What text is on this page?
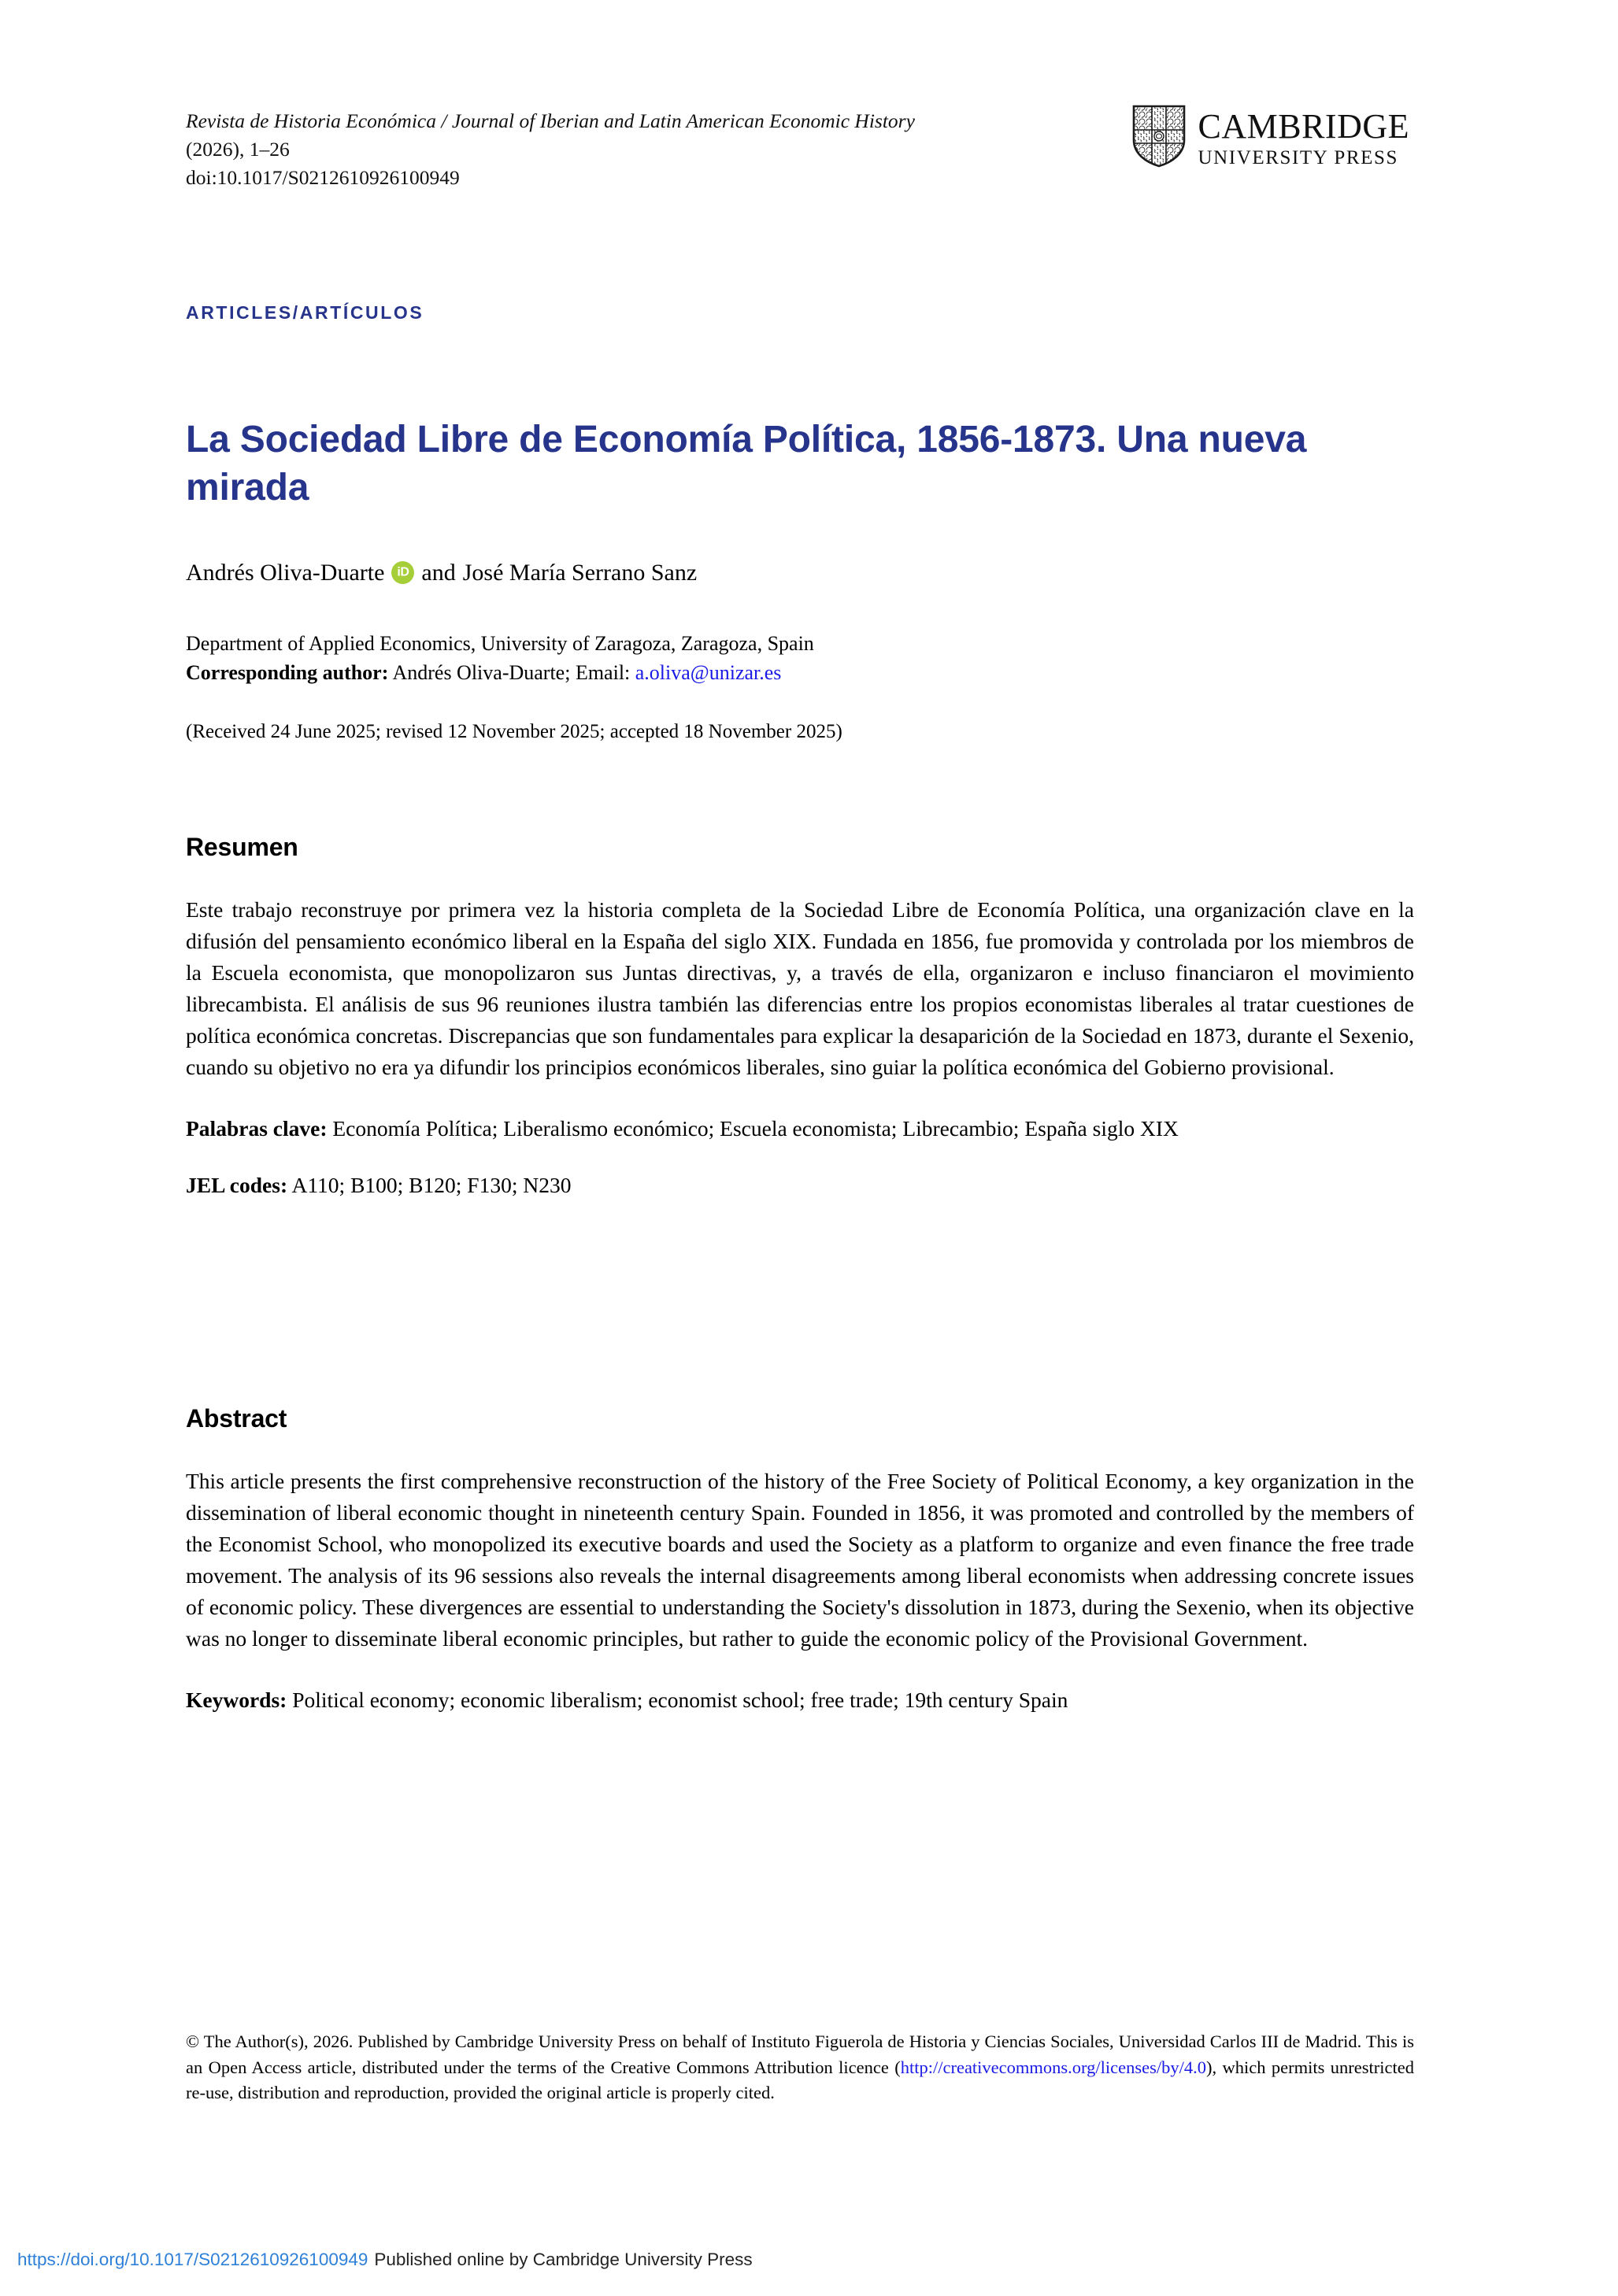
Revista de Historia Económica / Journal of Iberian and Latin American Economic History
(2026), 1–26
doi:10.1017/S0212610926100949
CAMBRIDGE
UNIVERSITY PRESS
ARTICLES/ARTÍCULOS
La Sociedad Libre de Economía Política, 1856-1873. Una nueva mirada
Andrés Oliva-Duarte iD and José María Serrano Sanz
Department of Applied Economics, University of Zaragoza, Zaragoza, Spain
Corresponding author: Andrés Oliva-Duarte; Email: a.oliva@unizar.es
(Received 24 June 2025; revised 12 November 2025; accepted 18 November 2025)
Resumen

Este trabajo reconstruye por primera vez la historia completa de la Sociedad Libre de Economía Política, una organización clave en la difusión del pensamiento económico liberal en la España del siglo XIX. Fundada en 1856, fue promovida y controlada por los miembros de la Escuela economista, que monopolizaron sus Juntas directivas, y, a través de ella, organizaron e incluso financiaron el movimiento librecambista. El análisis de sus 96 reuniones ilustra también las diferencias entre los propios economistas liberales al tratar cuestiones de política económica concretas. Discrepancias que son fundamentales para explicar la desaparición de la Sociedad en 1873, durante el Sexenio, cuando su objetivo no era ya difundir los principios económicos liberales, sino guiar la política económica del Gobierno provisional.

Palabras clave: Economía Política; Liberalismo económico; Escuela economista; Librecambio; España siglo XIX

JEL codes: A110; B100; B120; F130; N230

Abstract

This article presents the first comprehensive reconstruction of the history of the Free Society of Political Economy, a key organization in the dissemination of liberal economic thought in nineteenth century Spain. Founded in 1856, it was promoted and controlled by the members of the Economist School, who monopolized its executive boards and used the Society as a platform to organize and even finance the free trade movement. The analysis of its 96 sessions also reveals the internal disagreements among liberal economists when addressing concrete issues of economic policy. These divergences are essential to understanding the Society's dissolution in 1873, during the Sexenio, when its objective was no longer to disseminate liberal economic principles, but rather to guide the economic policy of the Provisional Government.

Keywords: Political economy; economic liberalism; economist school; free trade; 19th century Spain

© The Author(s), 2026. Published by Cambridge University Press on behalf of Instituto Figuerola de Historia y Ciencias Sociales, Universidad Carlos III de Madrid. This is an Open Access article, distributed under the terms of the Creative Commons Attribution licence (http://creativecommons.org/licenses/by/4.0), which permits unrestricted re-use, distribution and reproduction, provided the original article is properly cited.
https://doi.org/10.1017/S0212610926100949 Published online by Cambridge University Press
